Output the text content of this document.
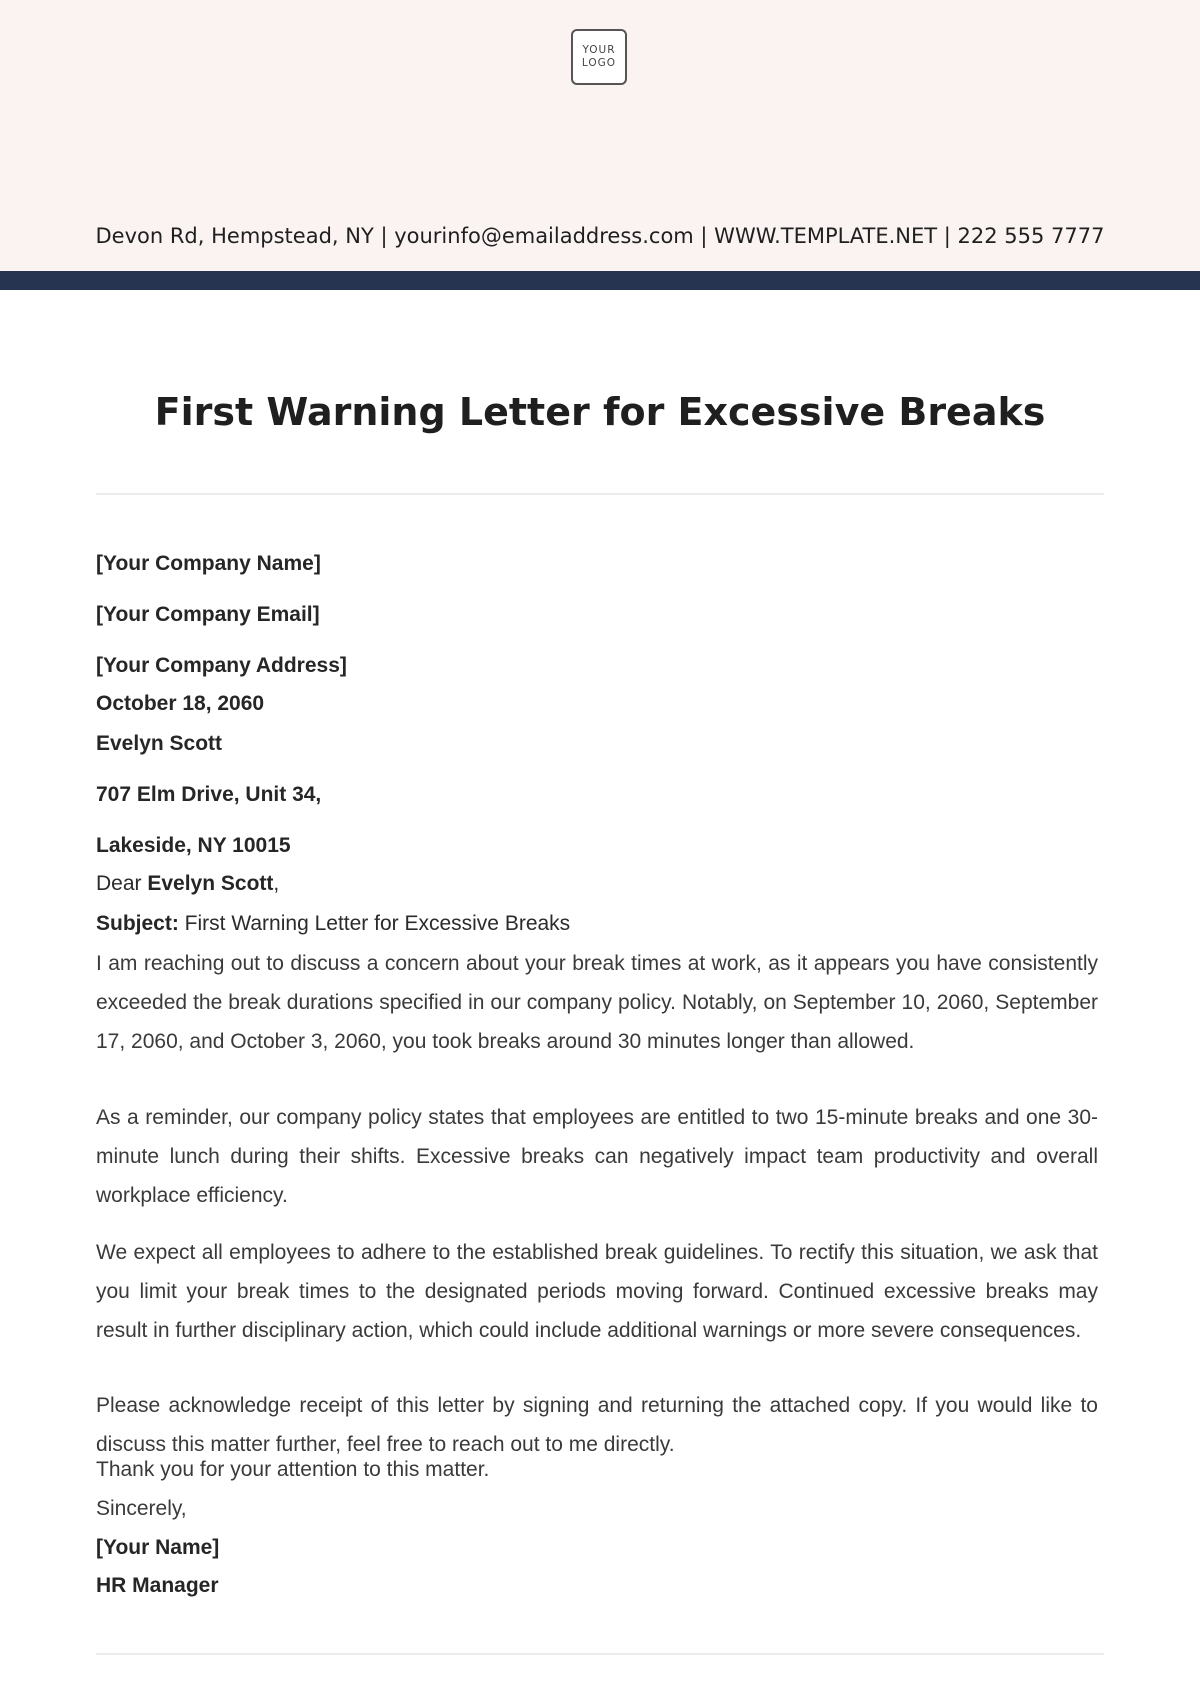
YOUR
LOGO
Devon Rd, Hempstead, NY | yourinfo@emailaddress.com | WWW.TEMPLATE.NET | 222 555 7777
First Warning Letter for Excessive Breaks
[Your Company Name]
[Your Company Email]
[Your Company Address]
October 18, 2060
Evelyn Scott
707 Elm Drive, Unit 34,
Lakeside, NY 10015
Dear Evelyn Scott,
Subject: First Warning Letter for Excessive Breaks
I am reaching out to discuss a concern about your break times at work, as it appears you have consistently exceeded the break durations specified in our company policy. Notably, on September 10, 2060, September 17, 2060, and October 3, 2060, you took breaks around 30 minutes longer than allowed.
As a reminder, our company policy states that employees are entitled to two 15-minute breaks and one 30-minute lunch during their shifts. Excessive breaks can negatively impact team productivity and overall workplace efficiency.
We expect all employees to adhere to the established break guidelines. To rectify this situation, we ask that you limit your break times to the designated periods moving forward. Continued excessive breaks may result in further disciplinary action, which could include additional warnings or more severe consequences.
Please acknowledge receipt of this letter by signing and returning the attached copy. If you would like to discuss this matter further, feel free to reach out to me directly.
Thank you for your attention to this matter.
Sincerely,
[Your Name]
HR Manager
